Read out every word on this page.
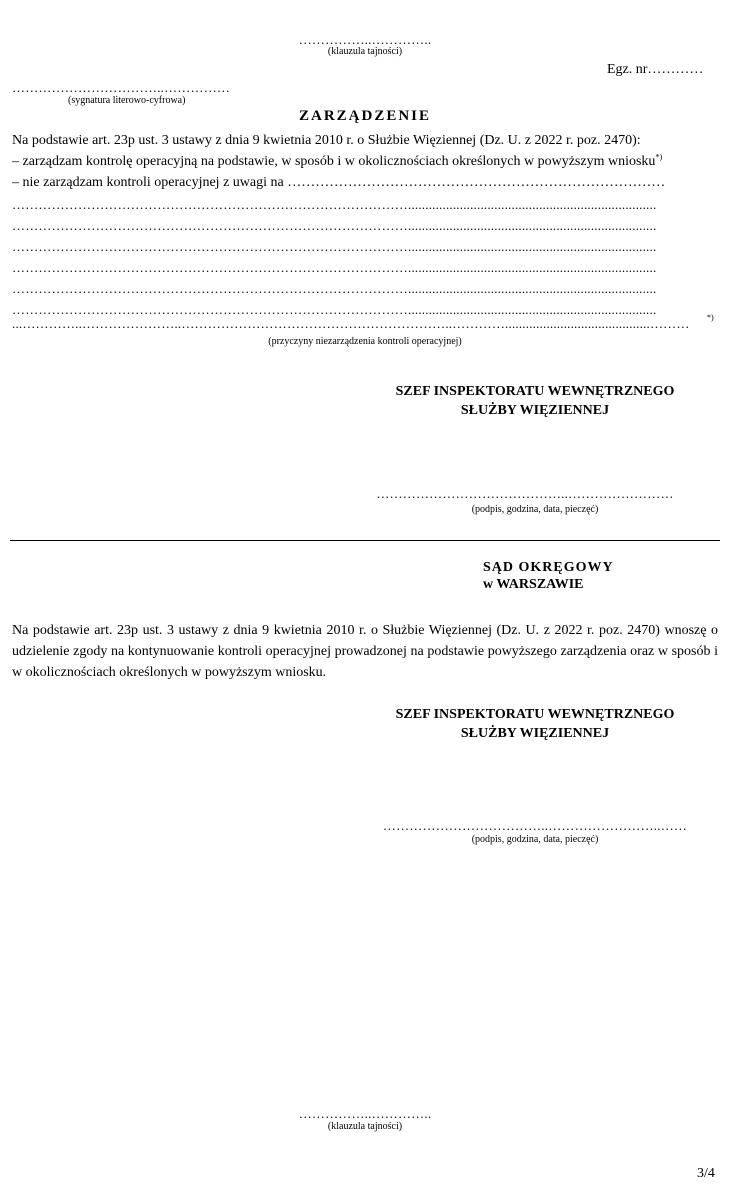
……………..…………..
(klauzula tajności)
Egz. nr…………
……………………………..……………
(sygnatura literowo-cyfrowa)
ZARZĄDZENIE
Na podstawie art. 23p ust. 3 ustawy z dnia 9 kwietnia 2010 r. o Służbie Więziennej (Dz. U. z 2022 r. poz. 2470):
– zarządzam kontrolę operacyjną na podstawie, w sposób i w okolicznościach określonych w powyższym wniosku*)
– nie zarządzam kontroli operacyjnej z uwagi na ………………………………………………………………………
………………………………………………………………………………........................................................................
………………………………………………………………………………........................................................................
………………………………………………………………………………........................................................................
………………………………………………………………………………........................................................................
………………………………………………………………………………........................................................................
………………………………………………………………………………........................................................................
...…………..…………………..……………………………………………………..…………..........................................………	*)
(przyczyny niezarządzenia kontroli operacyjnej)
SZEF INSPEKTORATU WEWNĘTRZNEGO
SŁUŻBY WIĘZIENNEJ
……………………………………..……………………
(podpis, godzina, data, pieczęć)
SĄD OKRĘGOWY
w WARSZAWIE
Na podstawie art. 23p ust. 3 ustawy z dnia 9 kwietnia 2010 r. o Służbie Więziennej (Dz. U. z 2022 r. poz. 2470) wnoszę o udzielenie zgody na kontynuowanie kontroli operacyjnej prowadzonej na podstawie powyższego zarządzenia oraz w sposób i w okolicznościach określonych w powyższym wniosku.
SZEF INSPEKTORATU WEWNĘTRZNEGO
SŁUŻBY WIĘZIENNEJ
………………………………..……………………..……
(podpis, godzina, data, pieczęć)
……………..…………..
(klauzula tajności)
3/4
